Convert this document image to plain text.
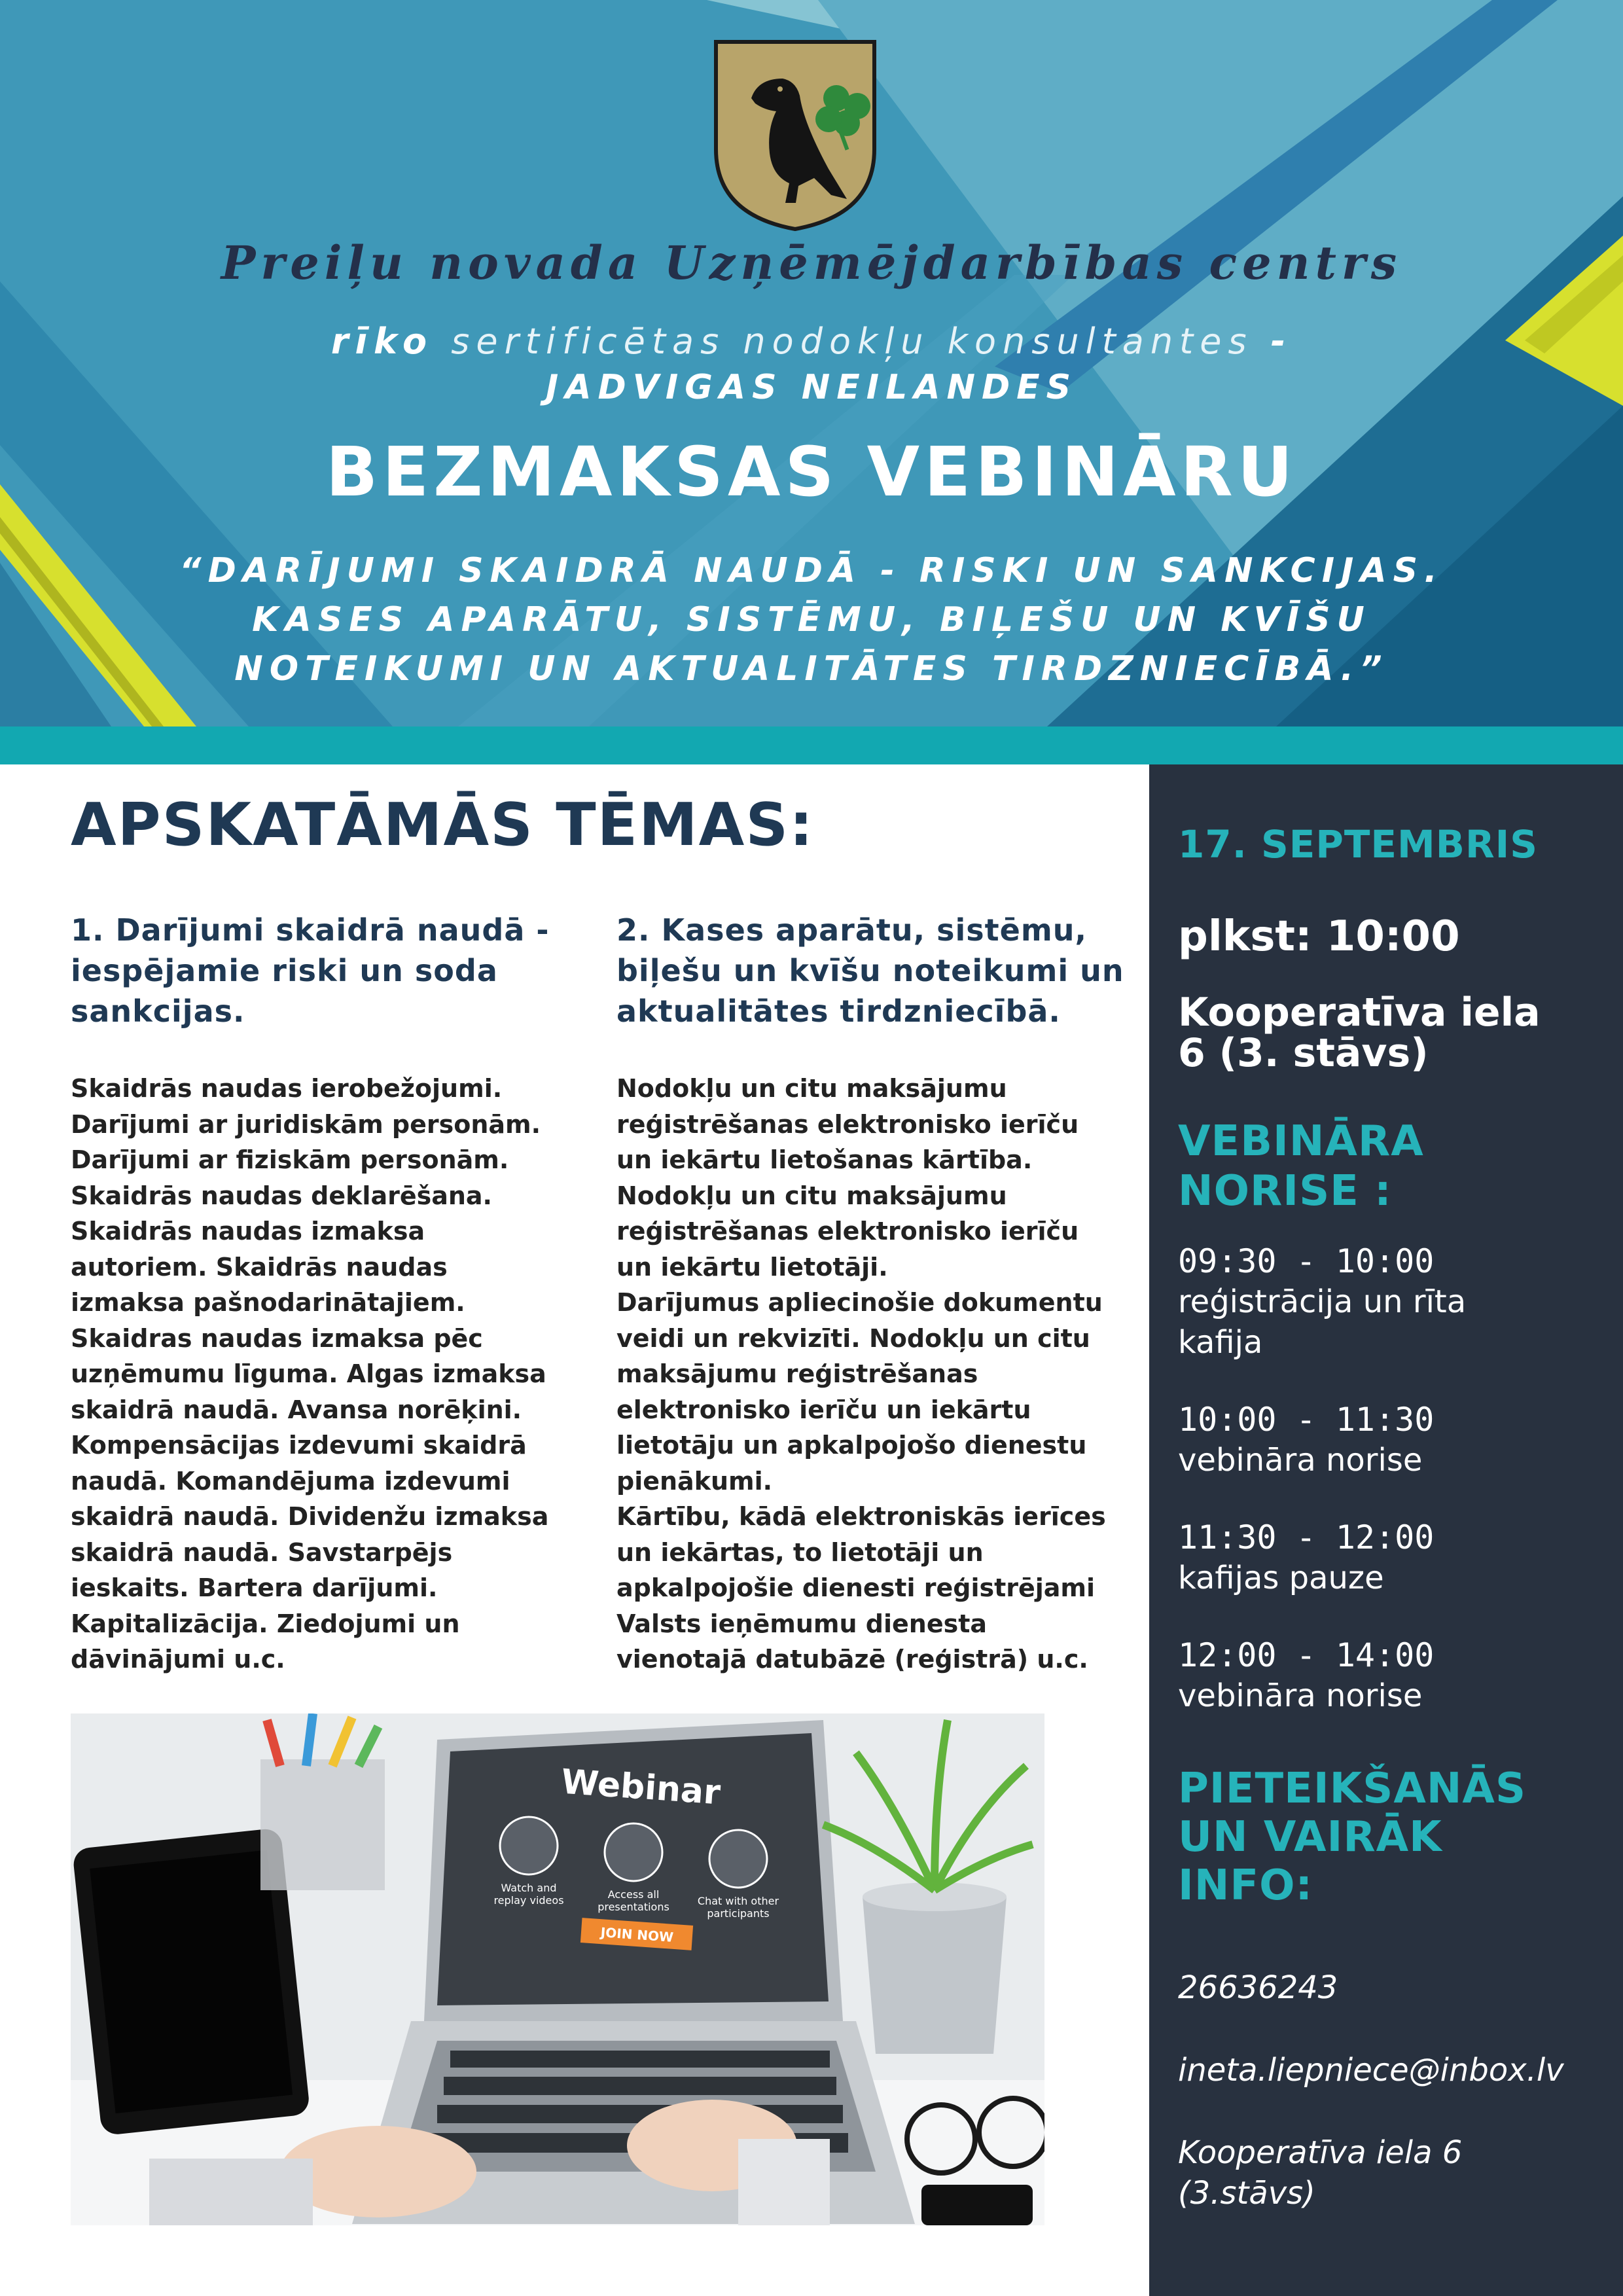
Preiļu novada Uzņēmējdarbības centrs
rīko sertificētas nodokļu konsultantes -
JADVIGAS NEILANDES
BEZMAKSAS VEBINĀRU
“DARĪJUMI SKAIDRĀ NAUDĀ - RISKI UN SANKCIJAS.
KASES APARĀTU, SISTĒMU, BIĻEŠU UN KVĪŠU
NOTEIKUMI UN AKTUALITĀTES TIRDZNIECĪBĀ.”
APSKATĀMĀS TĒMAS:

1. Darījumi skaidrā naudā -
iespējamie riski un soda
sankcijas.

Skaidrās naudas ierobežojumi.
Darījumi ar juridiskām personām.
Darījumi ar fiziskām personām.
Skaidrās naudas deklarēšana.
Skaidrās naudas izmaksa
autoriem. Skaidrās naudas
izmaksa pašnodarinātajiem.
Skaidras naudas izmaksa pēc
uzņēmumu līguma. Algas izmaksa
skaidrā naudā. Avansa norēķini.
Kompensācijas izdevumi skaidrā
naudā. Komandējuma izdevumi
skaidrā naudā. Dividenžu izmaksa
skaidrā naudā. Savstarpējs
ieskaits. Bartera darījumi.
Kapitalizācija. Ziedojumi un
dāvinājumi u.c.

2. Kases aparātu, sistēmu,
biļešu un kvīšu noteikumi un
aktualitātes tirdzniecībā.

Nodokļu un citu maksājumu
reģistrēšanas elektronisko ierīču
un iekārtu lietošanas kārtība.
Nodokļu un citu maksājumu
reģistrēšanas elektronisko ierīču
un iekārtu lietotāji.
Darījumus apliecinošie dokumentu
veidi un rekvizīti. Nodokļu un citu
maksājumu reģistrēšanas
elektronisko ierīču un iekārtu
lietotāju un apkalpojošo dienestu
pienākumi.
Kārtību, kādā elektroniskās ierīces
un iekārtas, to lietotāji un
apkalpojošie dienesti reģistrējami
Valsts ieņēmumu dienesta
vienotajā datubāzē (reģistrā) u.c.
Webinar
Watch and replay videos	Access all presentations	Chat with other participants
JOIN NOW
17. SEPTEMBRIS
plkst: 10:00
Kooperatīva iela
6 (3. stāvs)
VEBINĀRA
NORISE :
09:30 - 10:00
reģistrācija un rīta
kafija
10:00 - 11:30
vebināra norise
11:30 - 12:00
kafijas pauze
12:00 - 14:00
vebināra norise
PIETEIKŠANĀS
UN VAIRĀK
INFO:
26636243
ineta.liepniece@inbox.lv
Kooperatīva iela 6
(3.stāvs)
